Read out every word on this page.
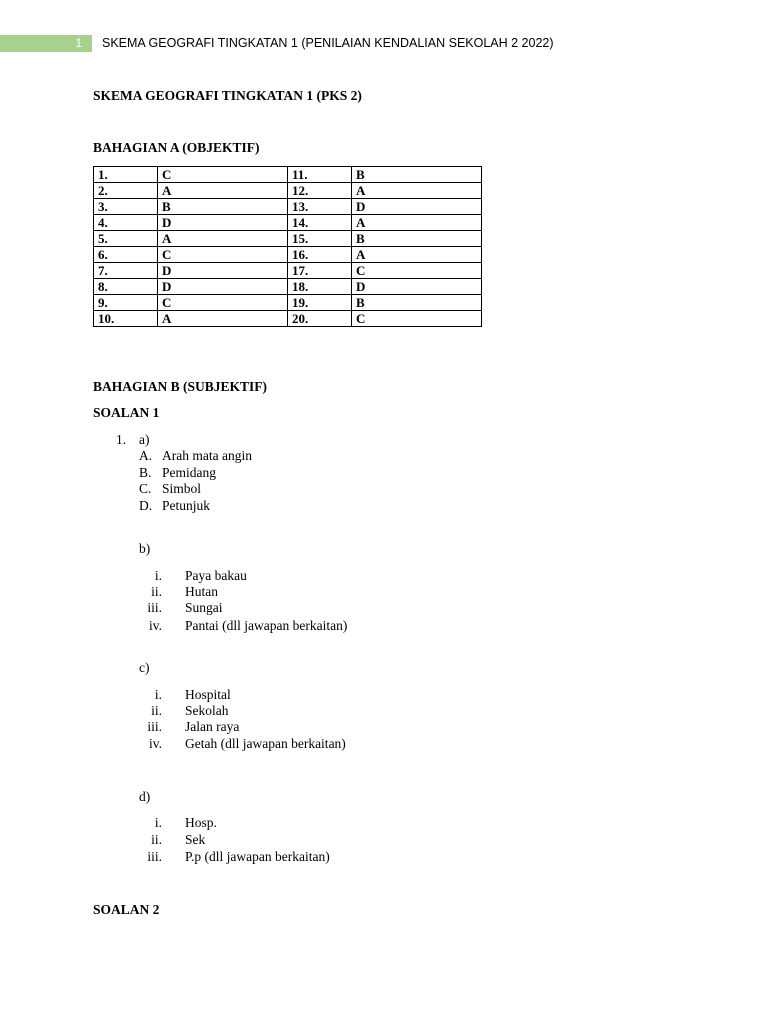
1	SKEMA GEOGRAFI TINGKATAN 1 (PENILAIAN KENDALIAN SEKOLAH 2 2022)
SKEMA GEOGRAFI TINGKATAN 1 (PKS 2)
BAHAGIAN A (OBJEKTIF)
1.	C	11.	B
2.	A	12.	A
3.	B	13.	D
4.	D	14.	A
5.	A	15.	B
6.	C	16.	A
7.	D	17.	C
8.	D	18.	D
9.	C	19.	B
10.	A	20.	C
BAHAGIAN B (SUBJEKTIF)
SOALAN 1
1. a)
A. Arah mata angin
B. Pemidang
C. Simbol
D. Petunjuk
b)
i. Paya bakau
ii. Hutan
iii. Sungai
iv. Pantai (dll jawapan berkaitan)
c)
i. Hospital
ii. Sekolah
iii. Jalan raya
iv. Getah (dll jawapan berkaitan)
d)
i. Hosp.
ii. Sek
iii. P.p (dll jawapan berkaitan)
SOALAN 2
